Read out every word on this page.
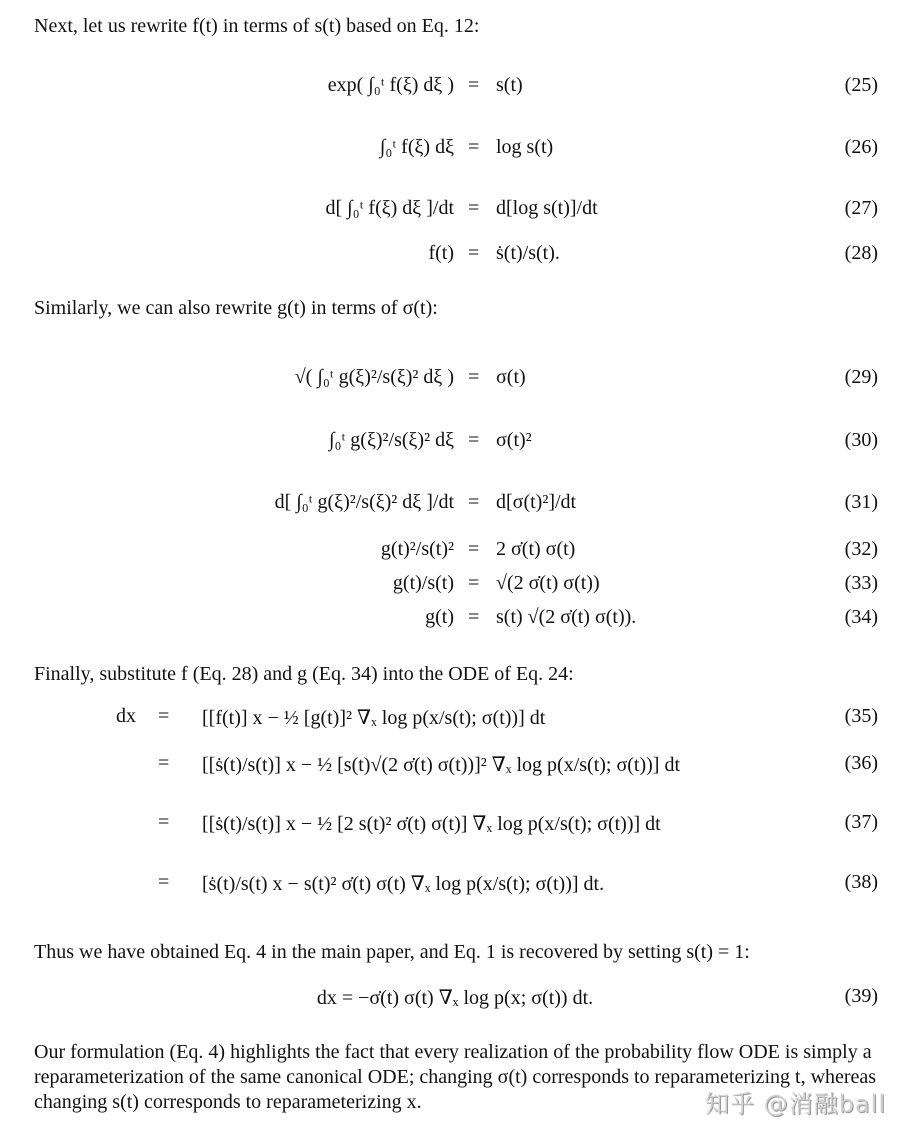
Next, let us rewrite f(t) in terms of s(t) based on Eq. 12:
exp( ∫₀ᵗ f(ξ) dξ ) = s(t)	(25)
∫₀ᵗ f(ξ) dξ = log s(t)	(26)
d[ ∫₀ᵗ f(ξ) dξ ]/dt = d[log s(t)]/dt	(27)
f(t) = ṡ(t)/s(t).	(28)
Similarly, we can also rewrite g(t) in terms of σ(t):
√( ∫₀ᵗ g(ξ)²/s(ξ)² dξ ) = σ(t)	(29)
∫₀ᵗ g(ξ)²/s(ξ)² dξ = σ(t)²	(30)
d[ ∫₀ᵗ g(ξ)²/s(ξ)² dξ ]/dt = d[σ(t)²]/dt	(31)
g(t)²/s(t)² = 2 σ̇(t) σ(t)	(32)
g(t)/s(t) = √(2 σ̇(t) σ(t))	(33)
g(t) = s(t) √(2 σ̇(t) σ(t)).	(34)
Finally, substitute f (Eq. 28) and g (Eq. 34) into the ODE of Eq. 24:
dx = [[f(t)] x − ½ [g(t)]² ∇ₓ log p(x/s(t); σ(t))] dt	(35)
= [[ṡ(t)/s(t)] x − ½ [s(t)√(2 σ̇(t) σ(t))]² ∇ₓ log p(x/s(t); σ(t))] dt	(36)
= [[ṡ(t)/s(t)] x − ½ [2 s(t)² σ̇(t) σ(t)] ∇ₓ log p(x/s(t); σ(t))] dt	(37)
= [ṡ(t)/s(t) x − s(t)² σ̇(t) σ(t) ∇ₓ log p(x/s(t); σ(t))] dt.	(38)
Thus we have obtained Eq. 4 in the main paper, and Eq. 1 is recovered by setting s(t) = 1:
dx = −σ̇(t) σ(t) ∇ₓ log p(x; σ(t)) dt.	(39)
Our formulation (Eq. 4) highlights the fact that every realization of the probability flow ODE is simply a reparameterization of the same canonical ODE; changing σ(t) corresponds to reparameterizing t, whereas changing s(t) corresponds to reparameterizing x.	知乎 @消融ball
